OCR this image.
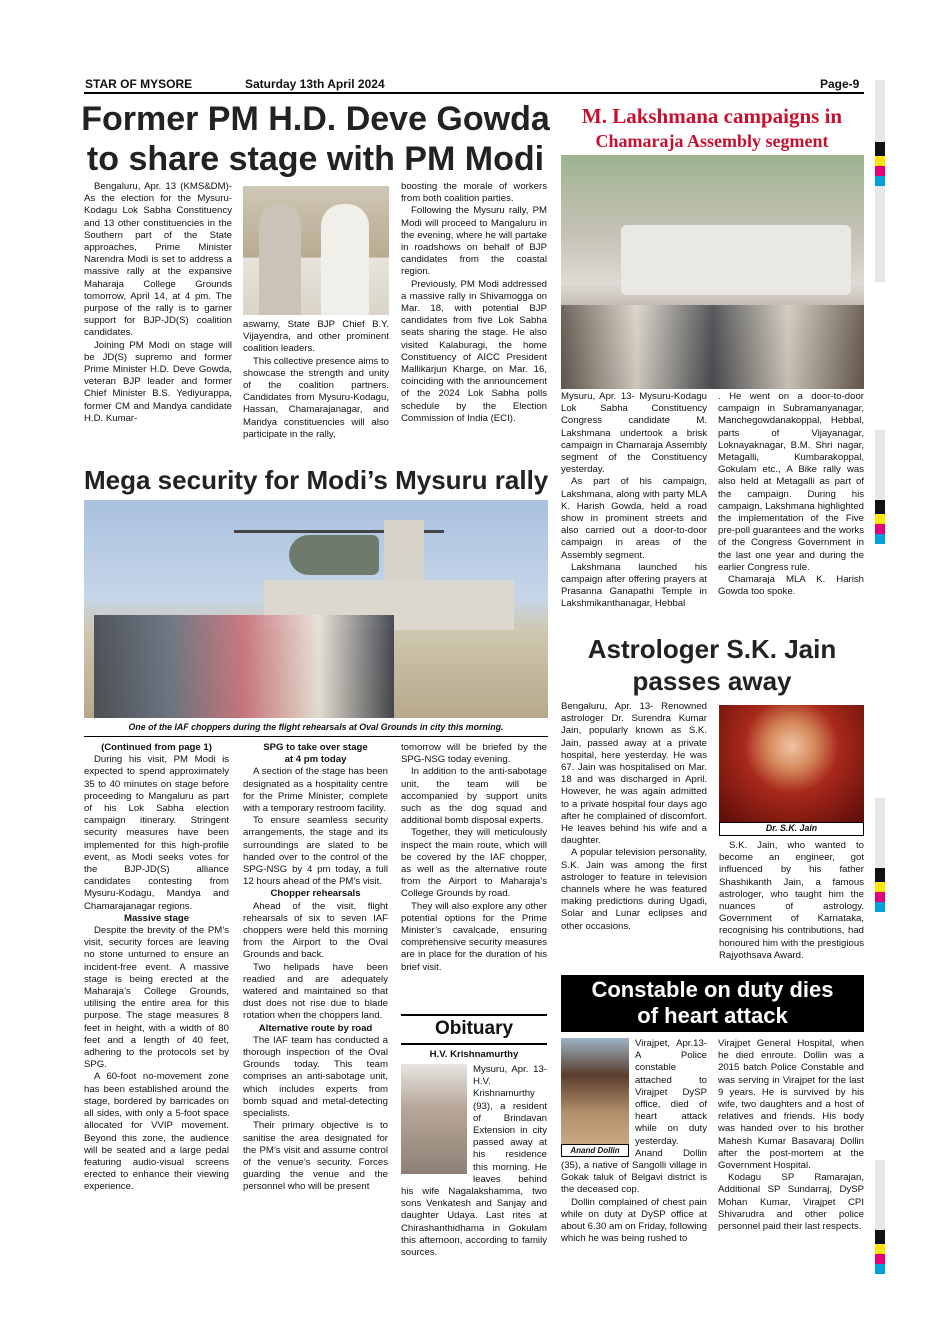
STAR OF MYSORE	Saturday 13th April 2024	Page-9
Former PM H.D. Deve Gowda
to share stage with PM Modi

Bengaluru, Apr. 13 (KMS&DM)- As the election for the Mysuru-Kodagu Lok Sabha Constituency and 13 other constituencies in the Southern part of the State approaches, Prime Minister Narendra Modi is set to address a massive rally at the expansive Maharaja College Grounds tomorrow, April 14, at 4 pm. The purpose of the rally is to garner support for BJP-JD(S) coalition candidates.

Joining PM Modi on stage will be JD(S) supremo and former Prime Minister H.D. Deve Gowda, veteran BJP leader and former Chief Minister B.S. Yediyurappa, former CM and Mandya candidate H.D. Kumar-

aswamy, State BJP Chief B.Y. Vijayendra, and other prominent coalition leaders.

This collective presence aims to showcase the strength and unity of the coalition partners. Candidates from Mysuru-Kodagu, Hassan, Chamarajanagar, and Mandya constituencies will also participate in the rally,

boosting the morale of workers from both coalition parties.

Following the Mysuru rally, PM Modi will proceed to Mangaluru in the evening, where he will partake in roadshows on behalf of BJP candidates from the coastal region.

Previously, PM Modi addressed a massive rally in Shivamogga on Mar. 18, with potential BJP candidates from five Lok Sabha seats sharing the stage. He also visited Kalaburagi, the home Constituency of AICC President Mallikarjun Kharge, on Mar. 16, coinciding with the announcement of the 2024 Lok Sabha polls schedule by the Election Commission of India (ECI).

Mega security for Modi’s Mysuru rally
One of the IAF choppers during the flight rehearsals at Oval Grounds in city this morning.

(Continued from page 1)

During his visit, PM Modi is expected to spend approximately 35 to 40 minutes on stage before proceeding to Mangaluru as part of his Lok Sabha election campaign itinerary. Stringent security measures have been implemented for this high-profile event, as Modi seeks votes for the BJP-JD(S) alliance candidates contesting from Mysuru-Kodagu, Mandya and Chamarajanagar regions.

Massive stage

Despite the brevity of the PM’s visit, security forces are leaving no stone unturned to ensure an incident-free event. A massive stage is being erected at the Maharaja’s College Grounds, utilising the entire area for this purpose. The stage measures 8 feet in height, with a width of 80 feet and a length of 40 feet, adhering to the protocols set by SPG.

A 60-foot no-movement zone has been established around the stage, bordered by barricades on all sides, with only a 5-foot space allocated for VVIP movement. Beyond this zone, the audience will be seated and a large pedal featuring audio-visual screens erected to enhance their viewing experience.

SPG to take over stage

at 4 pm today

A section of the stage has been designated as a hospitality centre for the Prime Minister, complete with a temporary restroom facility.

To ensure seamless security arrangements, the stage and its surroundings are slated to be handed over to the control of the SPG-NSG by 4 pm today, a full 12 hours ahead of the PM’s visit.

Chopper rehearsals

Ahead of the visit, flight rehearsals of six to seven IAF choppers were held this morning from the Airport to the Oval Grounds and back.

Two helipads have been readied and are adequately watered and maintained so that dust does not rise due to blade rotation when the choppers land.

Alternative route by road

The IAF team has conducted a thorough inspection of the Oval Grounds today. This team comprises an anti-sabotage unit, which includes experts from bomb squad and metal-detecting specialists.

Their primary objective is to sanitise the area designated for the PM’s visit and assume control of the venue’s security. Forces guarding the venue and the personnel who will be present

tomorrow will be briefed by the SPG-NSG today evening.

In addition to the anti-sabotage unit, the team will be accompanied by support units such as the dog squad and additional bomb disposal experts.

Together, they will meticulously inspect the main route, which will be covered by the IAF chopper, as well as the alternative route from the Airport to Maharaja’s College Grounds by road.

They will also explore any other potential options for the Prime Minister’s cavalcade, ensuring comprehensive security measures are in place for the duration of his brief visit.

Obituary
H.V. Krishnamurthy
Mysuru, Apr. 13- H.V. Krishnamurthy (93), a resident of Brindavan Extension in city passed away at his residence this morning. He leaves behind his wife Nagalakshamma, two sons Venkatesh and Sanjay and daughter Udaya. Last rites at Chirashanthidhama in Gokulam this afternoon, according to family sources.
M. Lakshmana campaigns in
Chamaraja Assembly segment

Mysuru, Apr. 13- Mysuru-Kodagu Lok Sabha Constituency Congress candidate M. Lakshmana undertook a brisk campaign in Chamaraja Assembly segment of the Constituency yesterday.

As part of his campaign, Lakshmana, along with party MLA K. Harish Gowda, held a road show in prominent streets and also carried out a door-to-door campaign in areas of the Assembly segment.

Lakshmana launched his campaign after offering prayers at Prasanna Ganapathi Temple in Lakshmikanthanagar, Hebbal

. He went on a door-to-door campaign in Subramanyanagar, Manchegowdanakoppal, Hebbal, parts of Vijayanagar, Loknayaknagar, B.M. Shri nagar, Metagalli, Kumbarakoppal, Gokulam etc., A Bike rally was also held at Metagalli as part of the campaign. During his campaign, Lakshmana highlighted the implementation of the Five pre-poll guarantees and the works of the Congress Government in the last one year and during the earlier Congress rule.

Chamaraja MLA K. Harish Gowda too spoke.

Astrologer S.K. Jain
passes away

Bengaluru, Apr. 13- Renowned astrologer Dr. Surendra Kumar Jain, popularly known as S.K. Jain, passed away at a private hospital, here yesterday. He was 67. Jain was hospitalised on Mar. 18 and was discharged in April. However, he was again admitted to a private hospital four days ago after he complained of discomfort. He leaves behind his wife and a daughter.

A popular television personality, S.K. Jain was among the first astrologer to feature in television channels where he was featured making predictions during Ugadi, Solar and Lunar eclipses and other occasions.

Dr. S.K. Jain

S.K. Jain, who wanted to become an engineer, got influenced by his father Shashikanth Jain, a famous astrologer, who taught him the nuances of astrology. Government of Karnataka, recognising his contributions, had honoured him with the prestigious Rajyothsava Award.

Constable on duty dies
of heart attack
Anand Dollin
Virajpet, Apr.13- A Police constable attached to Virajpet DySP office, died of heart attack while on duty yesterday. Anand Dollin (35), a native of Sangolli village in Gokak taluk of Belgavi district is the deceased cop.

Dollin complained of chest pain while on duty at DySP office at about 6.30 am on Friday, following which he was being rushed to

Virajpet General Hospital, when he died enroute. Dollin was a 2015 batch Police Constable and was serving in Virajpet for the last 9 years. He is survived by his wife, two daughters and a host of relatives and friends. His body was handed over to his brother Mahesh Kumar Basavaraj Dollin after the post-mortem at the Government Hospital.

Kodagu SP Ramarajan, Additional SP Sundarraj, DySP Mohan Kumar, Virajpet CPI Shivarudra and other police personnel paid their last respects.
